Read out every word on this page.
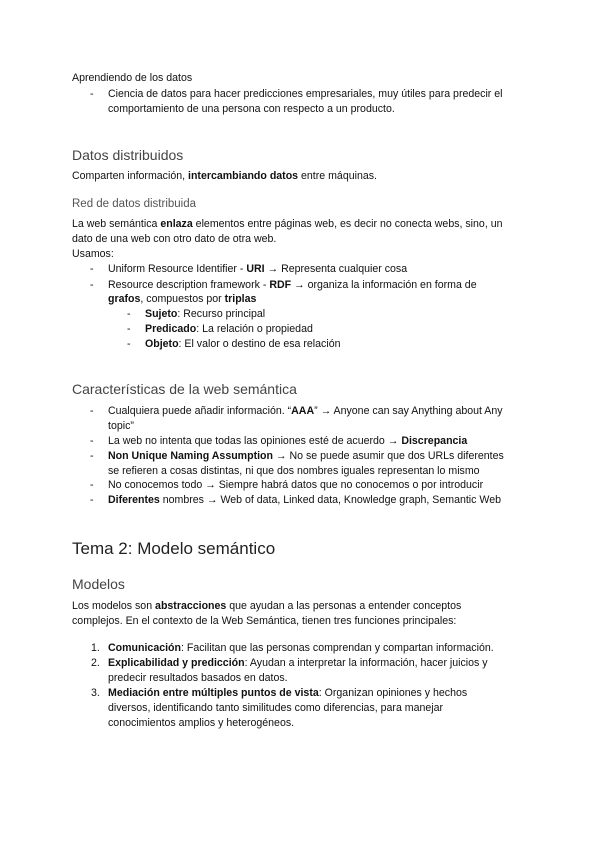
Aprendiendo de los datos
- Ciencia de datos para hacer predicciones empresariales, muy útiles para predecir el
comportamiento de una persona con respecto a un producto.
Datos distribuidos
Comparten información, intercambiando datos entre máquinas.
Red de datos distribuida
La web semántica enlaza elementos entre páginas web, es decir no conecta webs, sino, un
dato de una web con otro dato de otra web.
Usamos:
- Uniform Resource Identifier - URI → Representa cualquier cosa
- Resource description framework - RDF → organiza la información en forma de
grafos, compuestos por triplas
- Sujeto: Recurso principal
- Predicado: La relación o propiedad
- Objeto: El valor o destino de esa relación
Características de la web semántica
- Cualquiera puede añadir información. “AAA” → Anyone can say Anything about Any
topic”
- La web no intenta que todas las opiniones esté de acuerdo → Discrepancia
- Non Unique Naming Assumption → No se puede asumir que dos URLs diferentes
se refieren a cosas distintas, ni que dos nombres iguales representan lo mismo
- No conocemos todo → Siempre habrá datos que no conocemos o por introducir
- Diferentes nombres → Web of data, Linked data, Knowledge graph, Semantic Web
Tema 2: Modelo semántico
Modelos
Los modelos son abstracciones que ayudan a las personas a entender conceptos
complejos. En el contexto de la Web Semántica, tienen tres funciones principales:
1. Comunicación: Facilitan que las personas comprendan y compartan información.
2. Explicabilidad y predicción: Ayudan a interpretar la información, hacer juicios y
predecir resultados basados en datos.
3. Mediación entre múltiples puntos de vista: Organizan opiniones y hechos
diversos, identificando tanto similitudes como diferencias, para manejar
conocimientos amplios y heterogéneos.
